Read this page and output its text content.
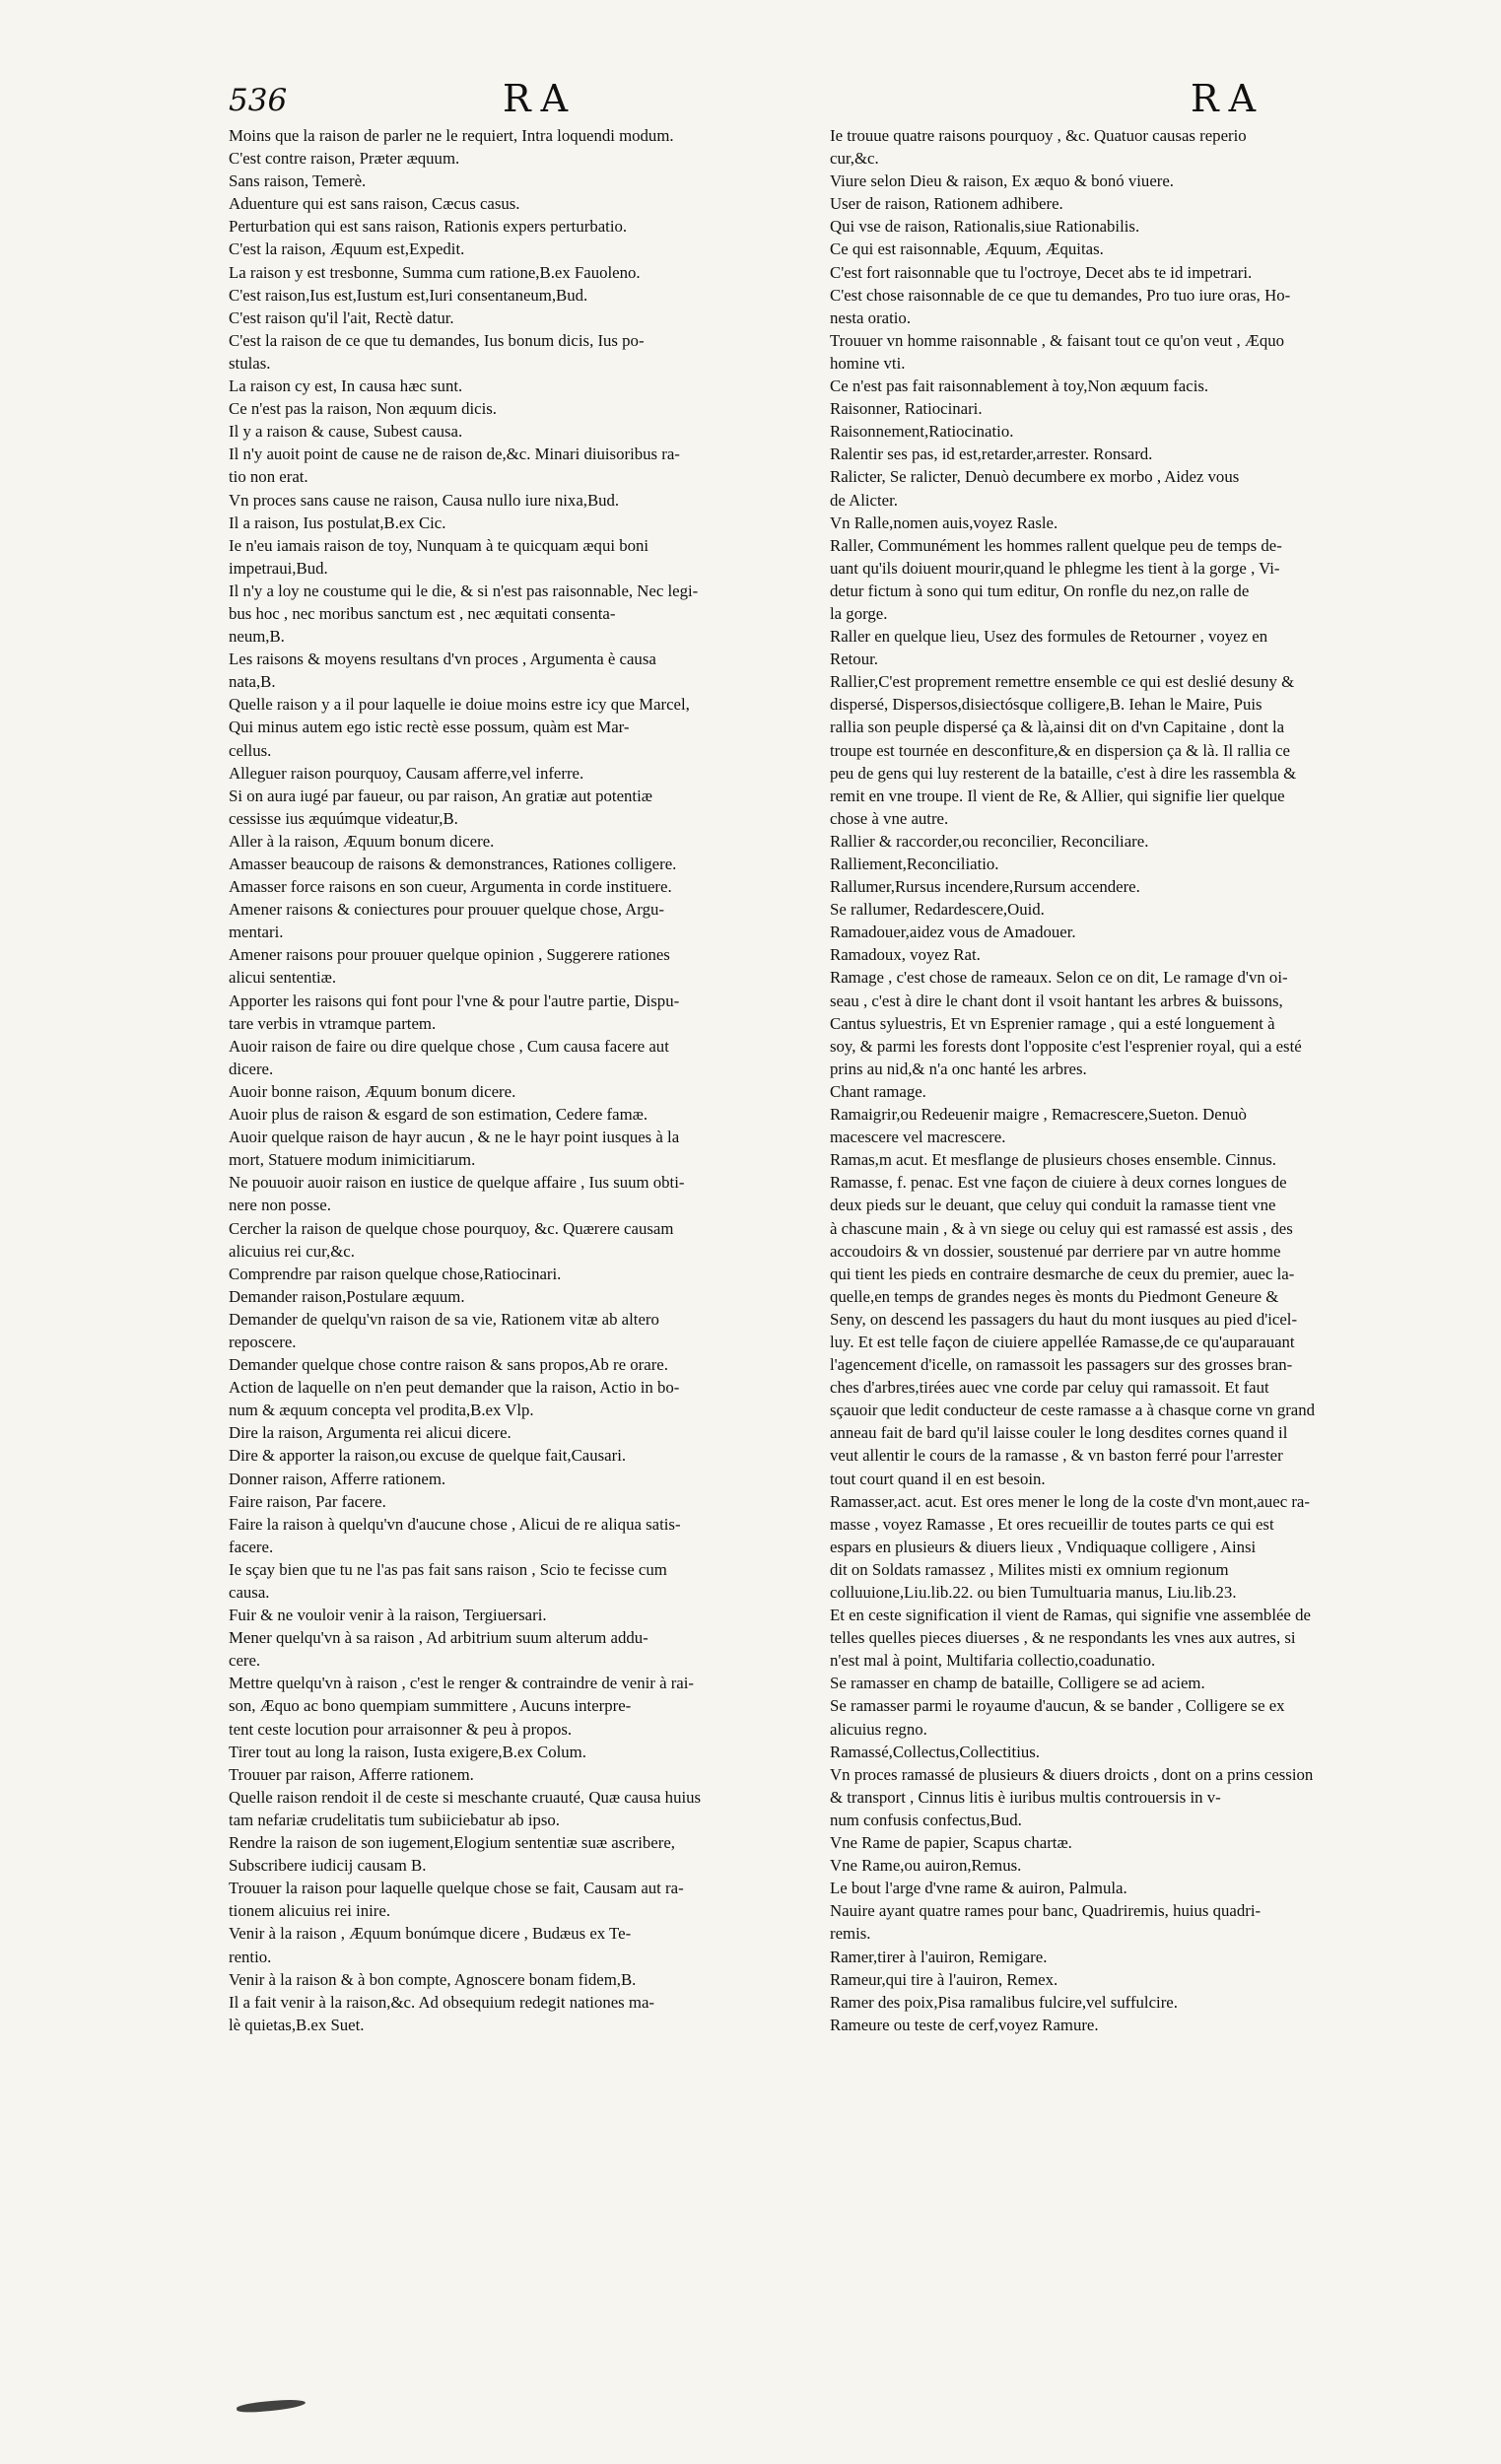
536	RA	RA
Moins que la raison de parler ne le requiert, Intra loquendi modum.
C'est contre raison, Præter æquum.
Sans raison, Temerè.
Aduenture qui est sans raison, Cæcus casus.
Perturbation qui est sans raison, Rationis expers perturbatio.
C'est la raison, Æquum est,Expedit.
La raison y est tresbonne, Summa cum ratione,B.ex Fauoleno.
C'est raison,Ius est,Iustum est,Iuri consentaneum,Bud.
C'est raison qu'il l'ait, Rectè datur.
C'est la raison de ce que tu demandes, Ius bonum dicis, Ius po-
stulas.
La raison cy est, In causa hæc sunt.
Ce n'est pas la raison, Non æquum dicis.
Il y a raison & cause, Subest causa.
Il n'y auoit point de cause ne de raison de,&c. Minari diuisoribus ra-
tio non erat.
Vn proces sans cause ne raison, Causa nullo iure nixa,Bud.
Il a raison, Ius postulat,B.ex Cic.
Ie n'eu iamais raison de toy, Nunquam à te quicquam æqui boni
impetraui,Bud.
Il n'y a loy ne coustume qui le die, & si n'est pas raisonnable, Nec legi-
bus hoc , nec moribus sanctum est , nec æquitati consenta-
neum,B.
Les raisons & moyens resultans d'vn proces , Argumenta è causa
nata,B.
Quelle raison y a il pour laquelle ie doiue moins estre icy que Marcel,
Qui minus autem ego istic rectè esse possum, quàm est Mar-
cellus.
Alleguer raison pourquoy, Causam afferre,vel inferre.
Si on aura iugé par faueur, ou par raison, An gratiæ aut potentiæ
cessisse ius æquúmque videatur,B.
Aller à la raison, Æquum bonum dicere.
Amasser beaucoup de raisons & demonstrances, Rationes colligere.
Amasser force raisons en son cueur, Argumenta in corde instituere.
Amener raisons & coniectures pour prouuer quelque chose, Argu-
mentari.
Amener raisons pour prouuer quelque opinion , Suggerere rationes
alicui sententiæ.
Apporter les raisons qui font pour l'vne & pour l'autre partie, Dispu-
tare verbis in vtramque partem.
Auoir raison de faire ou dire quelque chose , Cum causa facere aut
dicere.
Auoir bonne raison, Æquum bonum dicere.
Auoir plus de raison & esgard de son estimation, Cedere famæ.
Auoir quelque raison de hayr aucun , & ne le hayr point iusques à la
mort, Statuere modum inimicitiarum.
Ne pouuoir auoir raison en iustice de quelque affaire , Ius suum obti-
nere non posse.
Cercher la raison de quelque chose pourquoy, &c. Quærere causam
alicuius rei cur,&c.
Comprendre par raison quelque chose,Ratiocinari.
Demander raison,Postulare æquum.
Demander de quelqu'vn raison de sa vie, Rationem vitæ ab altero
reposcere.
Demander quelque chose contre raison & sans propos,Ab re orare.
Action de laquelle on n'en peut demander que la raison, Actio in bo-
num & æquum concepta vel prodita,B.ex Vlp.
Dire la raison, Argumenta rei alicui dicere.
Dire & apporter la raison,ou excuse de quelque fait,Causari.
Donner raison, Afferre rationem.
Faire raison, Par facere.
Faire la raison à quelqu'vn d'aucune chose , Alicui de re aliqua satis-
facere.
Ie sçay bien que tu ne l'as pas fait sans raison , Scio te fecisse cum
causa.
Fuir & ne vouloir venir à la raison, Tergiuersari.
Mener quelqu'vn à sa raison , Ad arbitrium suum alterum addu-
cere.
Mettre quelqu'vn à raison , c'est le renger & contraindre de venir à rai-
son, Æquo ac bono quempiam summittere , Aucuns interpre-
tent ceste locution pour arraisonner & peu à propos.
Tirer tout au long la raison, Iusta exigere,B.ex Colum.
Trouuer par raison, Afferre rationem.
Quelle raison rendoit il de ceste si meschante cruauté, Quæ causa huius
tam nefariæ crudelitatis tum subiiciebatur ab ipso.
Rendre la raison de son iugement,Elogium sententiæ suæ ascribere,
Subscribere iudicij causam B.
Trouuer la raison pour laquelle quelque chose se fait, Causam aut ra-
tionem alicuius rei inire.
Venir à la raison , Æquum bonúmque dicere , Budæus ex Te-
rentio.
Venir à la raison & à bon compte, Agnoscere bonam fidem,B.
Il a fait venir à la raison,&c. Ad obsequium redegit nationes ma-
lè quietas,B.ex Suet.
Ie trouue quatre raisons pourquoy , &c. Quatuor causas reperio
cur,&c.
Viure selon Dieu & raison, Ex æquo & bonó viuere.
User de raison, Rationem adhibere.
Qui vse de raison, Rationalis,siue Rationabilis.
Ce qui est raisonnable, Æquum, Æquitas.
C'est fort raisonnable que tu l'octroye, Decet abs te id impetrari.
C'est chose raisonnable de ce que tu demandes, Pro tuo iure oras, Ho-
nesta oratio.
Trouuer vn homme raisonnable , & faisant tout ce qu'on veut , Æquo
homine vti.
Ce n'est pas fait raisonnablement à toy,Non æquum facis.
Raisonner, Ratiocinari.
Raisonnement,Ratiocinatio.
Ralentir ses pas, id est,retarder,arrester. Ronsard.
Ralicter, Se ralicter, Denuò decumbere ex morbo , Aidez vous
de Alicter.
Vn Ralle,nomen auis,voyez Rasle.
Raller, Communément les hommes rallent quelque peu de temps de-
uant qu'ils doiuent mourir,quand le phlegme les tient à la gorge , Vi-
detur fictum à sono qui tum editur, On ronfle du nez,on ralle de
la gorge.
Raller en quelque lieu, Usez des formules de Retourner , voyez en
Retour.
Rallier,C'est proprement remettre ensemble ce qui est deslié desuny &
dispersé, Dispersos,disiectósque colligere,B. Iehan le Maire, Puis
rallia son peuple dispersé ça & là,ainsi dit on d'vn Capitaine , dont la
troupe est tournée en desconfiture,& en dispersion ça & là. Il rallia ce
peu de gens qui luy resterent de la bataille, c'est à dire les rassembla &
remit en vne troupe. Il vient de Re, & Allier, qui signifie lier quelque
chose à vne autre.
Rallier & raccorder,ou reconcilier, Reconciliare.
Ralliement,Reconciliatio.
Rallumer,Rursus incendere,Rursum accendere.
Se rallumer, Redardescere,Ouid.
Ramadouer,aidez vous de Amadouer.
Ramadoux, voyez Rat.
Ramage , c'est chose de rameaux. Selon ce on dit, Le ramage d'vn oi-
seau , c'est à dire le chant dont il vsoit hantant les arbres & buissons,
Cantus syluestris, Et vn Esprenier ramage , qui a esté longuement à
soy, & parmi les forests dont l'opposite c'est l'esprenier royal, qui a esté
prins au nid,& n'a onc hanté les arbres.
Chant ramage.
Ramaigrir,ou Redeuenir maigre , Remacrescere,Sueton. Denuò
macescere vel macrescere.
Ramas,m acut. Et mesflange de plusieurs choses ensemble. Cinnus.
Ramasse, f. penac. Est vne façon de ciuiere à deux cornes longues de
deux pieds sur le deuant, que celuy qui conduit la ramasse tient vne
à chascune main , & à vn siege ou celuy qui est ramassé est assis , des
accoudoirs & vn dossier, soustenué par derriere par vn autre homme
qui tient les pieds en contraire desmarche de ceux du premier, auec la-
quelle,en temps de grandes neges ès monts du Piedmont Geneure &
Seny, on descend les passagers du haut du mont iusques au pied d'icel-
luy. Et est telle façon de ciuiere appellée Ramasse,de ce qu'auparauant
l'agencement d'icelle, on ramassoit les passagers sur des grosses bran-
ches d'arbres,tirées auec vne corde par celuy qui ramassoit. Et faut
sçauoir que ledit conducteur de ceste ramasse a à chasque corne vn grand
anneau fait de bard qu'il laisse couler le long desdites cornes quand il
veut allentir le cours de la ramasse , & vn baston ferré pour l'arrester
tout court quand il en est besoin.
Ramasser,act. acut. Est ores mener le long de la coste d'vn mont,auec ra-
masse , voyez Ramasse , Et ores recueillir de toutes parts ce qui est
espars en plusieurs & diuers lieux , Vndiquaque colligere , Ainsi
dit on Soldats ramassez , Milites misti ex omnium regionum
colluuione,Liu.lib.22. ou bien Tumultuaria manus, Liu.lib.23.
Et en ceste signification il vient de Ramas, qui signifie vne assemblée de
telles quelles pieces diuerses , & ne respondants les vnes aux autres, si
n'est mal à point, Multifaria collectio,coadunatio.
Se ramasser en champ de bataille, Colligere se ad aciem.
Se ramasser parmi le royaume d'aucun, & se bander , Colligere se ex
alicuius regno.
Ramassé,Collectus,Collectitius.
Vn proces ramassé de plusieurs & diuers droicts , dont on a prins cession
& transport , Cinnus litis è iuribus multis controuersis in v-
num confusis confectus,Bud.
Vne Rame de papier, Scapus chartæ.
Vne Rame,ou auiron,Remus.
Le bout l'arge d'vne rame & auiron, Palmula.
Nauire ayant quatre rames pour banc, Quadriremis, huius quadri-
remis.
Ramer,tirer à l'auiron, Remigare.
Rameur,qui tire à l'auiron, Remex.
Ramer des poix,Pisa ramalibus fulcire,vel suffulcire.
Rameure ou teste de cerf,voyez Ramure.
